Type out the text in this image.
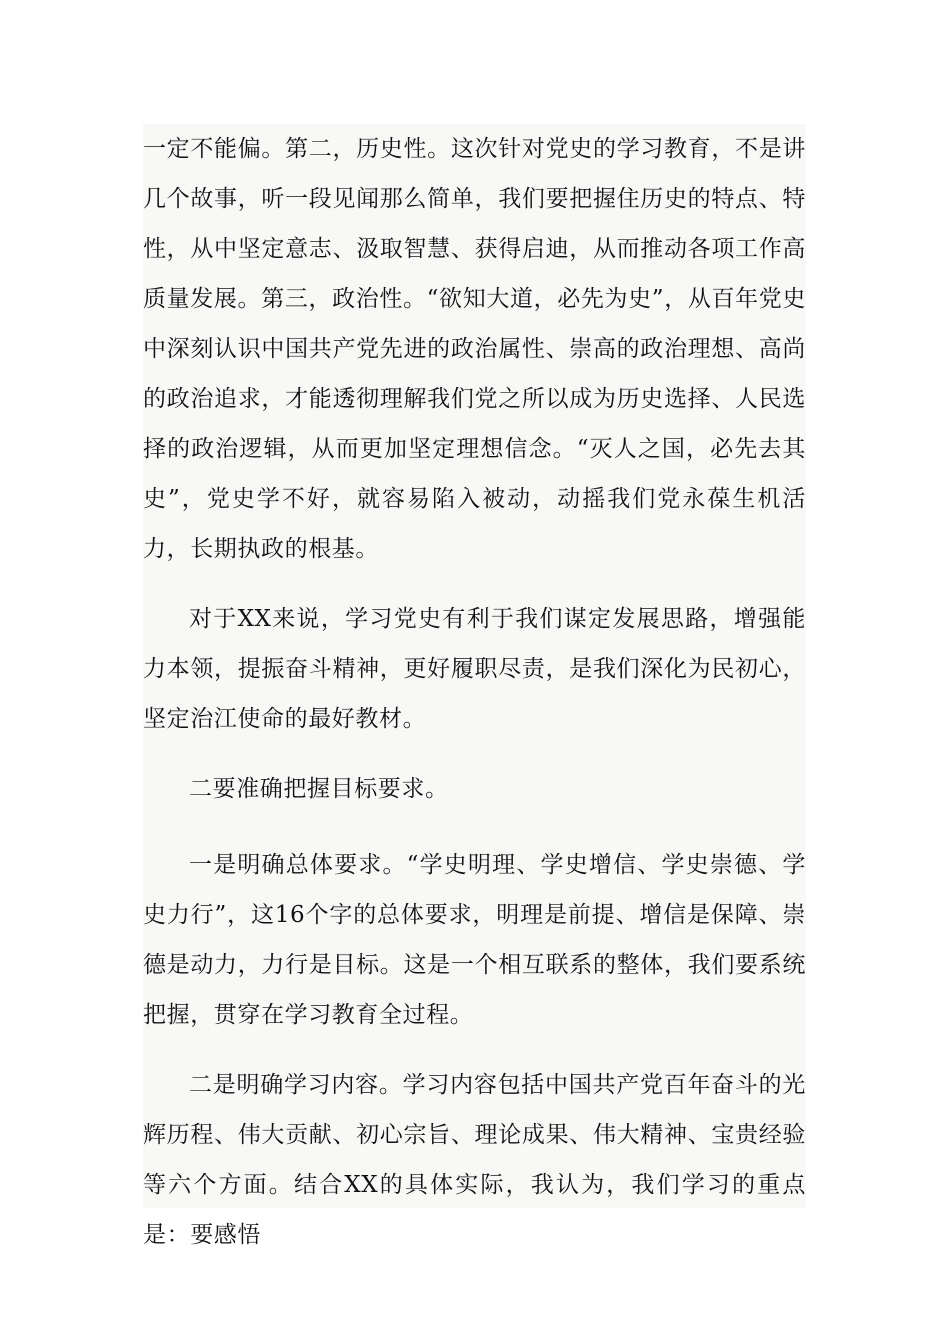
一定不能偏。第二，历史性。这次针对党史的学习教育，不是讲几个故事，听一段见闻那么简单，我们要把握住历史的特点、特性，从中坚定意志、汲取智慧、获得启迪，从而推动各项工作高质量发展。第三，政治性。“欲知大道，必先为史”，从百年党史中深刻认识中国共产党先进的政治属性、崇高的政治理想、高尚的政治追求，才能透彻理解我们党之所以成为历史选择、人民选择的政治逻辑，从而更加坚定理想信念。“灭人之国，必先去其史”，党史学不好，就容易陷入被动，动摇我们党永葆生机活力，长期执政的根基。

对于XX来说，学习党史有利于我们谋定发展思路，增强能力本领，提振奋斗精神，更好履职尽责，是我们深化为民初心，坚定治江使命的最好教材。

二要准确把握目标要求。

一是明确总体要求。“学史明理、学史增信、学史崇德、学史力行”，这16个字的总体要求，明理是前提、增信是保障、崇德是动力，力行是目标。这是一个相互联系的整体，我们要系统把握，贯穿在学习教育全过程。

二是明确学习内容。学习内容包括中国共产党百年奋斗的光辉历程、伟大贡献、初心宗旨、理论成果、伟大精神、宝贵经验等六个方面。结合XX的具体实际，我认为，我们学习的重点是：要感悟
